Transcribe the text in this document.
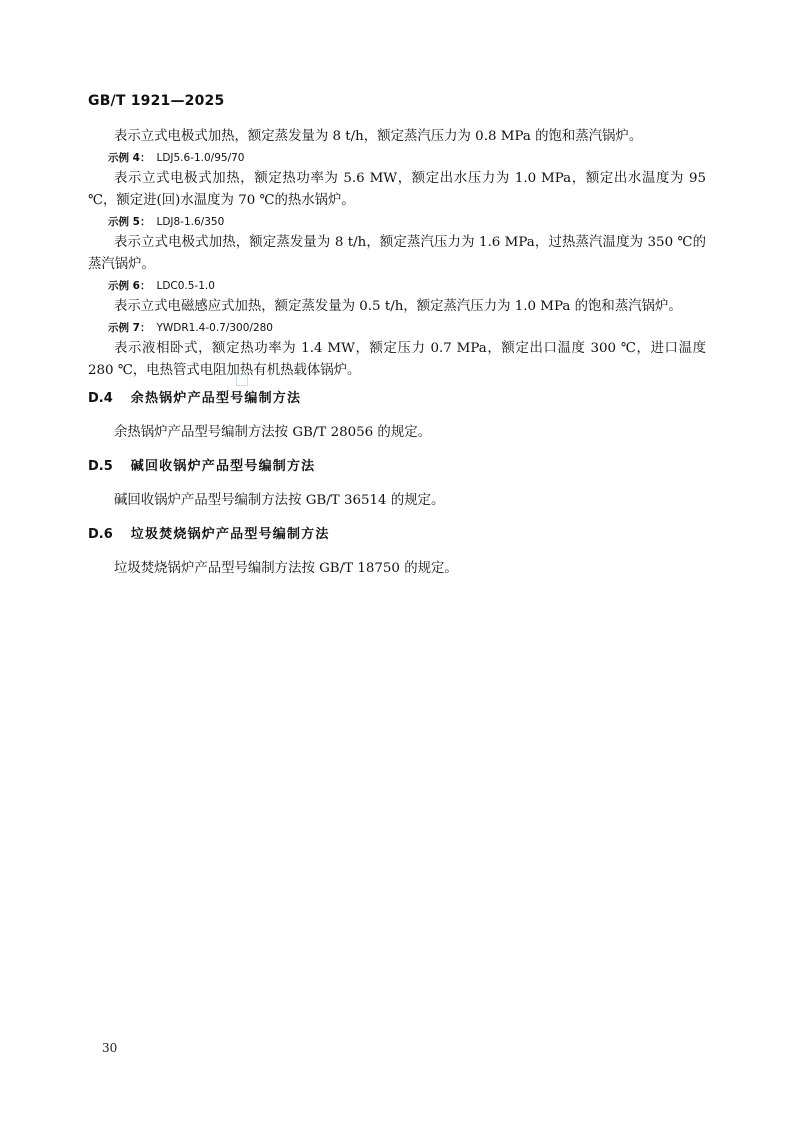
GB/T 1921—2025

表示立式电极式加热，额定蒸发量为 8 t/h，额定蒸汽压力为 0.8 MPa 的饱和蒸汽锅炉。

示例 4： LDJ5.6-1.0/95/70

表示立式电极式加热，额定热功率为 5.6 MW，额定出水压力为 1.0 MPa，额定出水温度为 95 ℃，额定进(回)水温度为 70 ℃的热水锅炉。

示例 5： LDJ8-1.6/350

表示立式电极式加热，额定蒸发量为 8 t/h，额定蒸汽压力为 1.6 MPa，过热蒸汽温度为 350 ℃的蒸汽锅炉。

示例 6： LDC0.5-1.0

表示立式电磁感应式加热，额定蒸发量为 0.5 t/h，额定蒸汽压力为 1.0 MPa 的饱和蒸汽锅炉。

示例 7： YWDR1.4-0.7/300/280

表示液相卧式，额定热功率为 1.4 MW，额定压力 0.7 MPa，额定出口温度 300 ℃，进口温度 280 ℃，电热管式电阻加热有机热载体锅炉。

D.4 余热锅炉产品型号编制方法

余热锅炉产品型号编制方法按 GB/T 28056 的规定。

D.5 碱回收锅炉产品型号编制方法

碱回收锅炉产品型号编制方法按 GB/T 36514 的规定。

D.6 垃圾焚烧锅炉产品型号编制方法

垃圾焚烧锅炉产品型号编制方法按 GB/T 18750 的规定。

30
